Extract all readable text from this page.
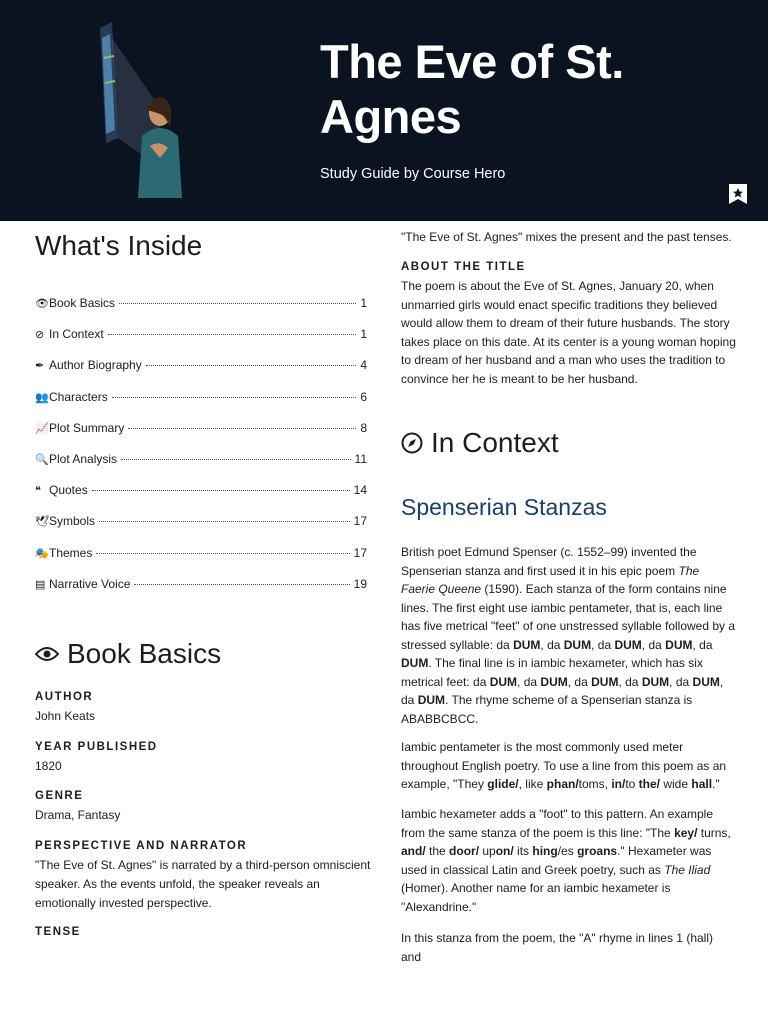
The Eve of St. Agnes
Study Guide by Course Hero
What's Inside
👁 Book Basics	1
⊘ In Context	1
✒ Author Biography	4
👥 Characters	6
📈 Plot Summary	8
🔍 Plot Analysis	11
❝ Quotes	14
🕊 Symbols	17
🎭 Themes	17
▤ Narrative Voice	19
Book Basics

AUTHOR

John Keats

YEAR PUBLISHED

1820

GENRE

Drama, Fantasy

PERSPECTIVE AND NARRATOR

"The Eve of St. Agnes" is narrated by a third-person omniscient speaker. As the events unfold, the speaker reveals an emotionally invested perspective.

TENSE

"The Eve of St. Agnes" mixes the present and the past tenses.

ABOUT THE TITLE

The poem is about the Eve of St. Agnes, January 20, when unmarried girls would enact specific traditions they believed would allow them to dream of their future husbands. The story takes place on this date. At its center is a young woman hoping to dream of her husband and a man who uses the tradition to convince her he is meant to be her husband.

In Context
Spenserian Stanzas

British poet Edmund Spenser (c. 1552–99) invented the Spenserian stanza and first used it in his epic poem The Faerie Queene (1590). Each stanza of the form contains nine lines. The first eight use iambic pentameter, that is, each line has five metrical "feet" of one unstressed syllable followed by a stressed syllable: da DUM, da DUM, da DUM, da DUM, da DUM. The final line is in iambic hexameter, which has six metrical feet: da DUM, da DUM, da DUM, da DUM, da DUM, da DUM. The rhyme scheme of a Spenserian stanza is ABABBCBCC.

Iambic pentameter is the most commonly used meter throughout English poetry. To use a line from this poem as an example, "They glide/, like phan/toms, in/to the/ wide hall."

Iambic hexameter adds a "foot" to this pattern. An example from the same stanza of the poem is this line: "The key/ turns, and/ the door/ upon/ its hing/es groans." Hexameter was used in classical Latin and Greek poetry, such as The Iliad (Homer). Another name for an iambic hexameter is "Alexandrine."

In this stanza from the poem, the "A" rhyme in lines 1 (hall) and
